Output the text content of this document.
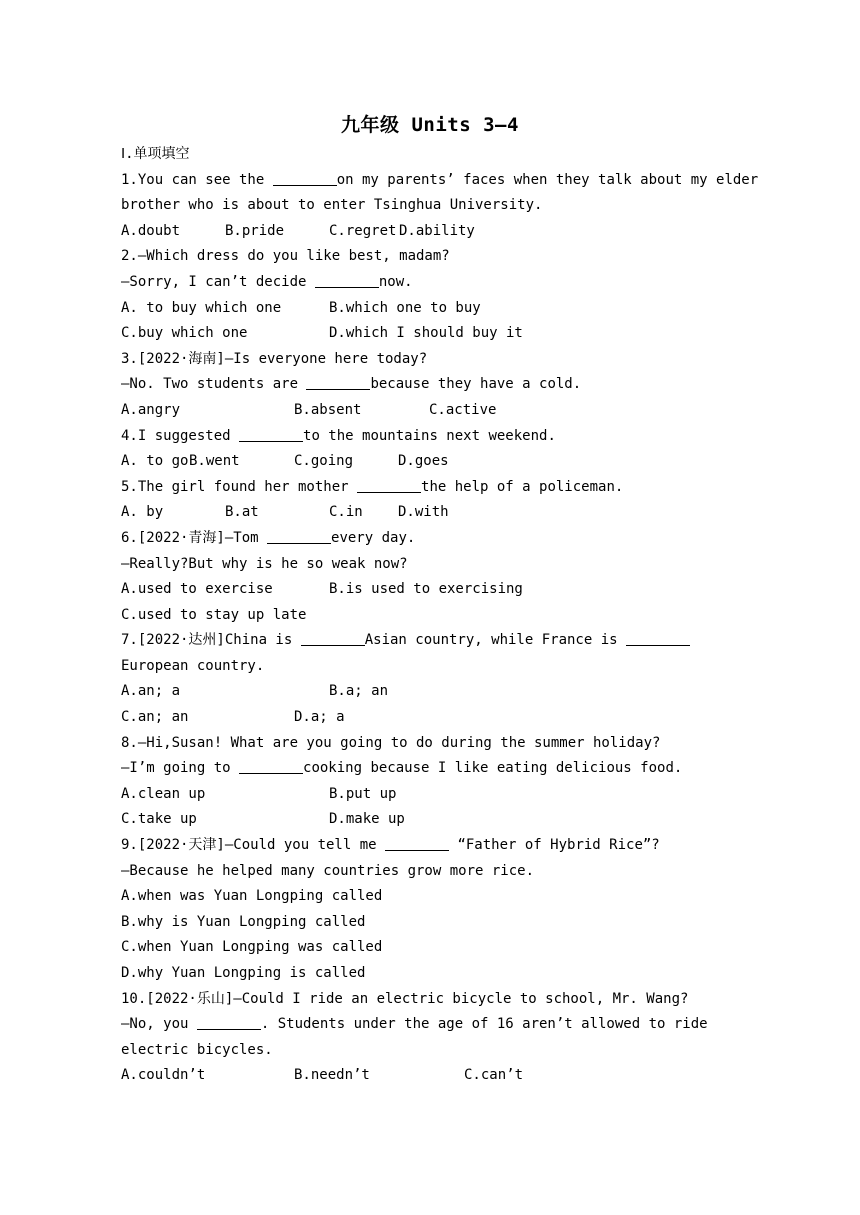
九年级 Units 3—4
Ⅰ.单项填空
1.You can see the	on my parents’ faces when they talk about my elder
brother who is about to enter Tsinghua University.

A.doubt

	B.pride

	C.regret

D.ability

2.—Which dress do you like best, madam?
—Sorry, I can’t decide	now.

A. to buy which one

	B.which one to buy

C.buy which one

	D.which I should buy it

3.[2022·海南]—Is everyone here today?
—No. Two students are	because they have a cold.

A.angry

	B.absent

	C.active

4.I suggested	to the mountains next weekend.

A. to go

B.went

	C.going

	D.goes

5.The girl found her mother	the help of a policeman.

A. by

	B.at

	C.in

	D.with

6.[2022·青海]—Tom	every day.
—Really?But why is he so weak now?

A.used to exercise

	B.is used to exercising

C.used to stay up late

7.[2022·达州]China is	Asian country, while France is
European country.

A.an; a

	B.a; an

C.an; an

	D.a; a

8.—Hi,Susan! What are you going to do during the summer holiday?
—I’m going to	cooking because I like eating delicious food.

A.clean up

	B.put up

C.take up

	D.make up

9.[2022·天津]—Could you tell me	“Father of Hybrid Rice”?
—Because he helped many countries grow more rice.
A.when was Yuan Longping called
B.why is Yuan Longping called
C.when Yuan Longping was called
D.why Yuan Longping is called
10.[2022·乐山]—Could I ride an electric bicycle to school, Mr. Wang?
—No, you	. Students under the age of 16 aren’t allowed to ride
electric bicycles.

A.couldn’t

	B.needn’t

	C.can’t
